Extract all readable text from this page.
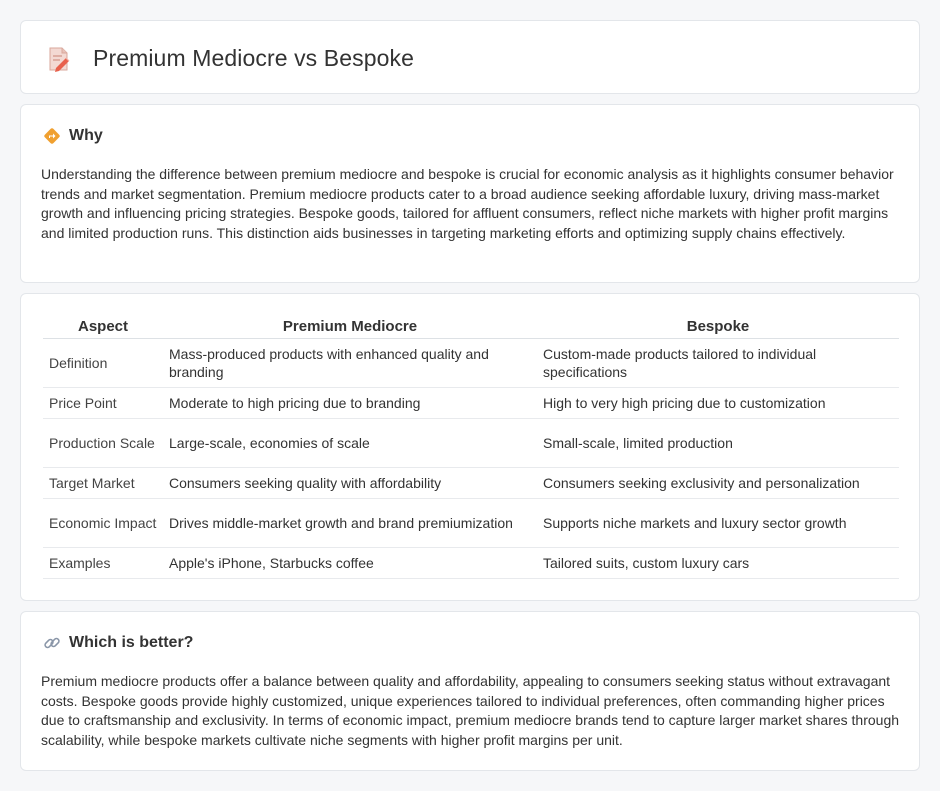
Premium Mediocre vs Bespoke
Why

Understanding the difference between premium mediocre and bespoke is crucial for economic analysis as it highlights consumer behavior trends and market segmentation. Premium mediocre products cater to a broad audience seeking affordable luxury, driving mass-market growth and influencing pricing strategies. Bespoke goods, tailored for affluent consumers, reflect niche markets with higher profit margins and limited production runs. This distinction aids businesses in targeting marketing efforts and optimizing supply chains effectively.

Aspect	Premium Mediocre	Bespoke
Definition	Mass-produced products with enhanced quality and branding	Custom-made products tailored to individual specifications
Price Point	Moderate to high pricing due to branding	High to very high pricing due to customization
Production Scale	Large-scale, economies of scale	Small-scale, limited production
Target Market	Consumers seeking quality with affordability	Consumers seeking exclusivity and personalization
Economic Impact	Drives middle-market growth and brand premiumization	Supports niche markets and luxury sector growth
Examples	Apple's iPhone, Starbucks coffee	Tailored suits, custom luxury cars
Which is better?

Premium mediocre products offer a balance between quality and affordability, appealing to consumers seeking status without extravagant costs. Bespoke goods provide highly customized, unique experiences tailored to individual preferences, often commanding higher prices due to craftsmanship and exclusivity. In terms of economic impact, premium mediocre brands tend to capture larger market shares through scalability, while bespoke markets cultivate niche segments with higher profit margins per unit.
